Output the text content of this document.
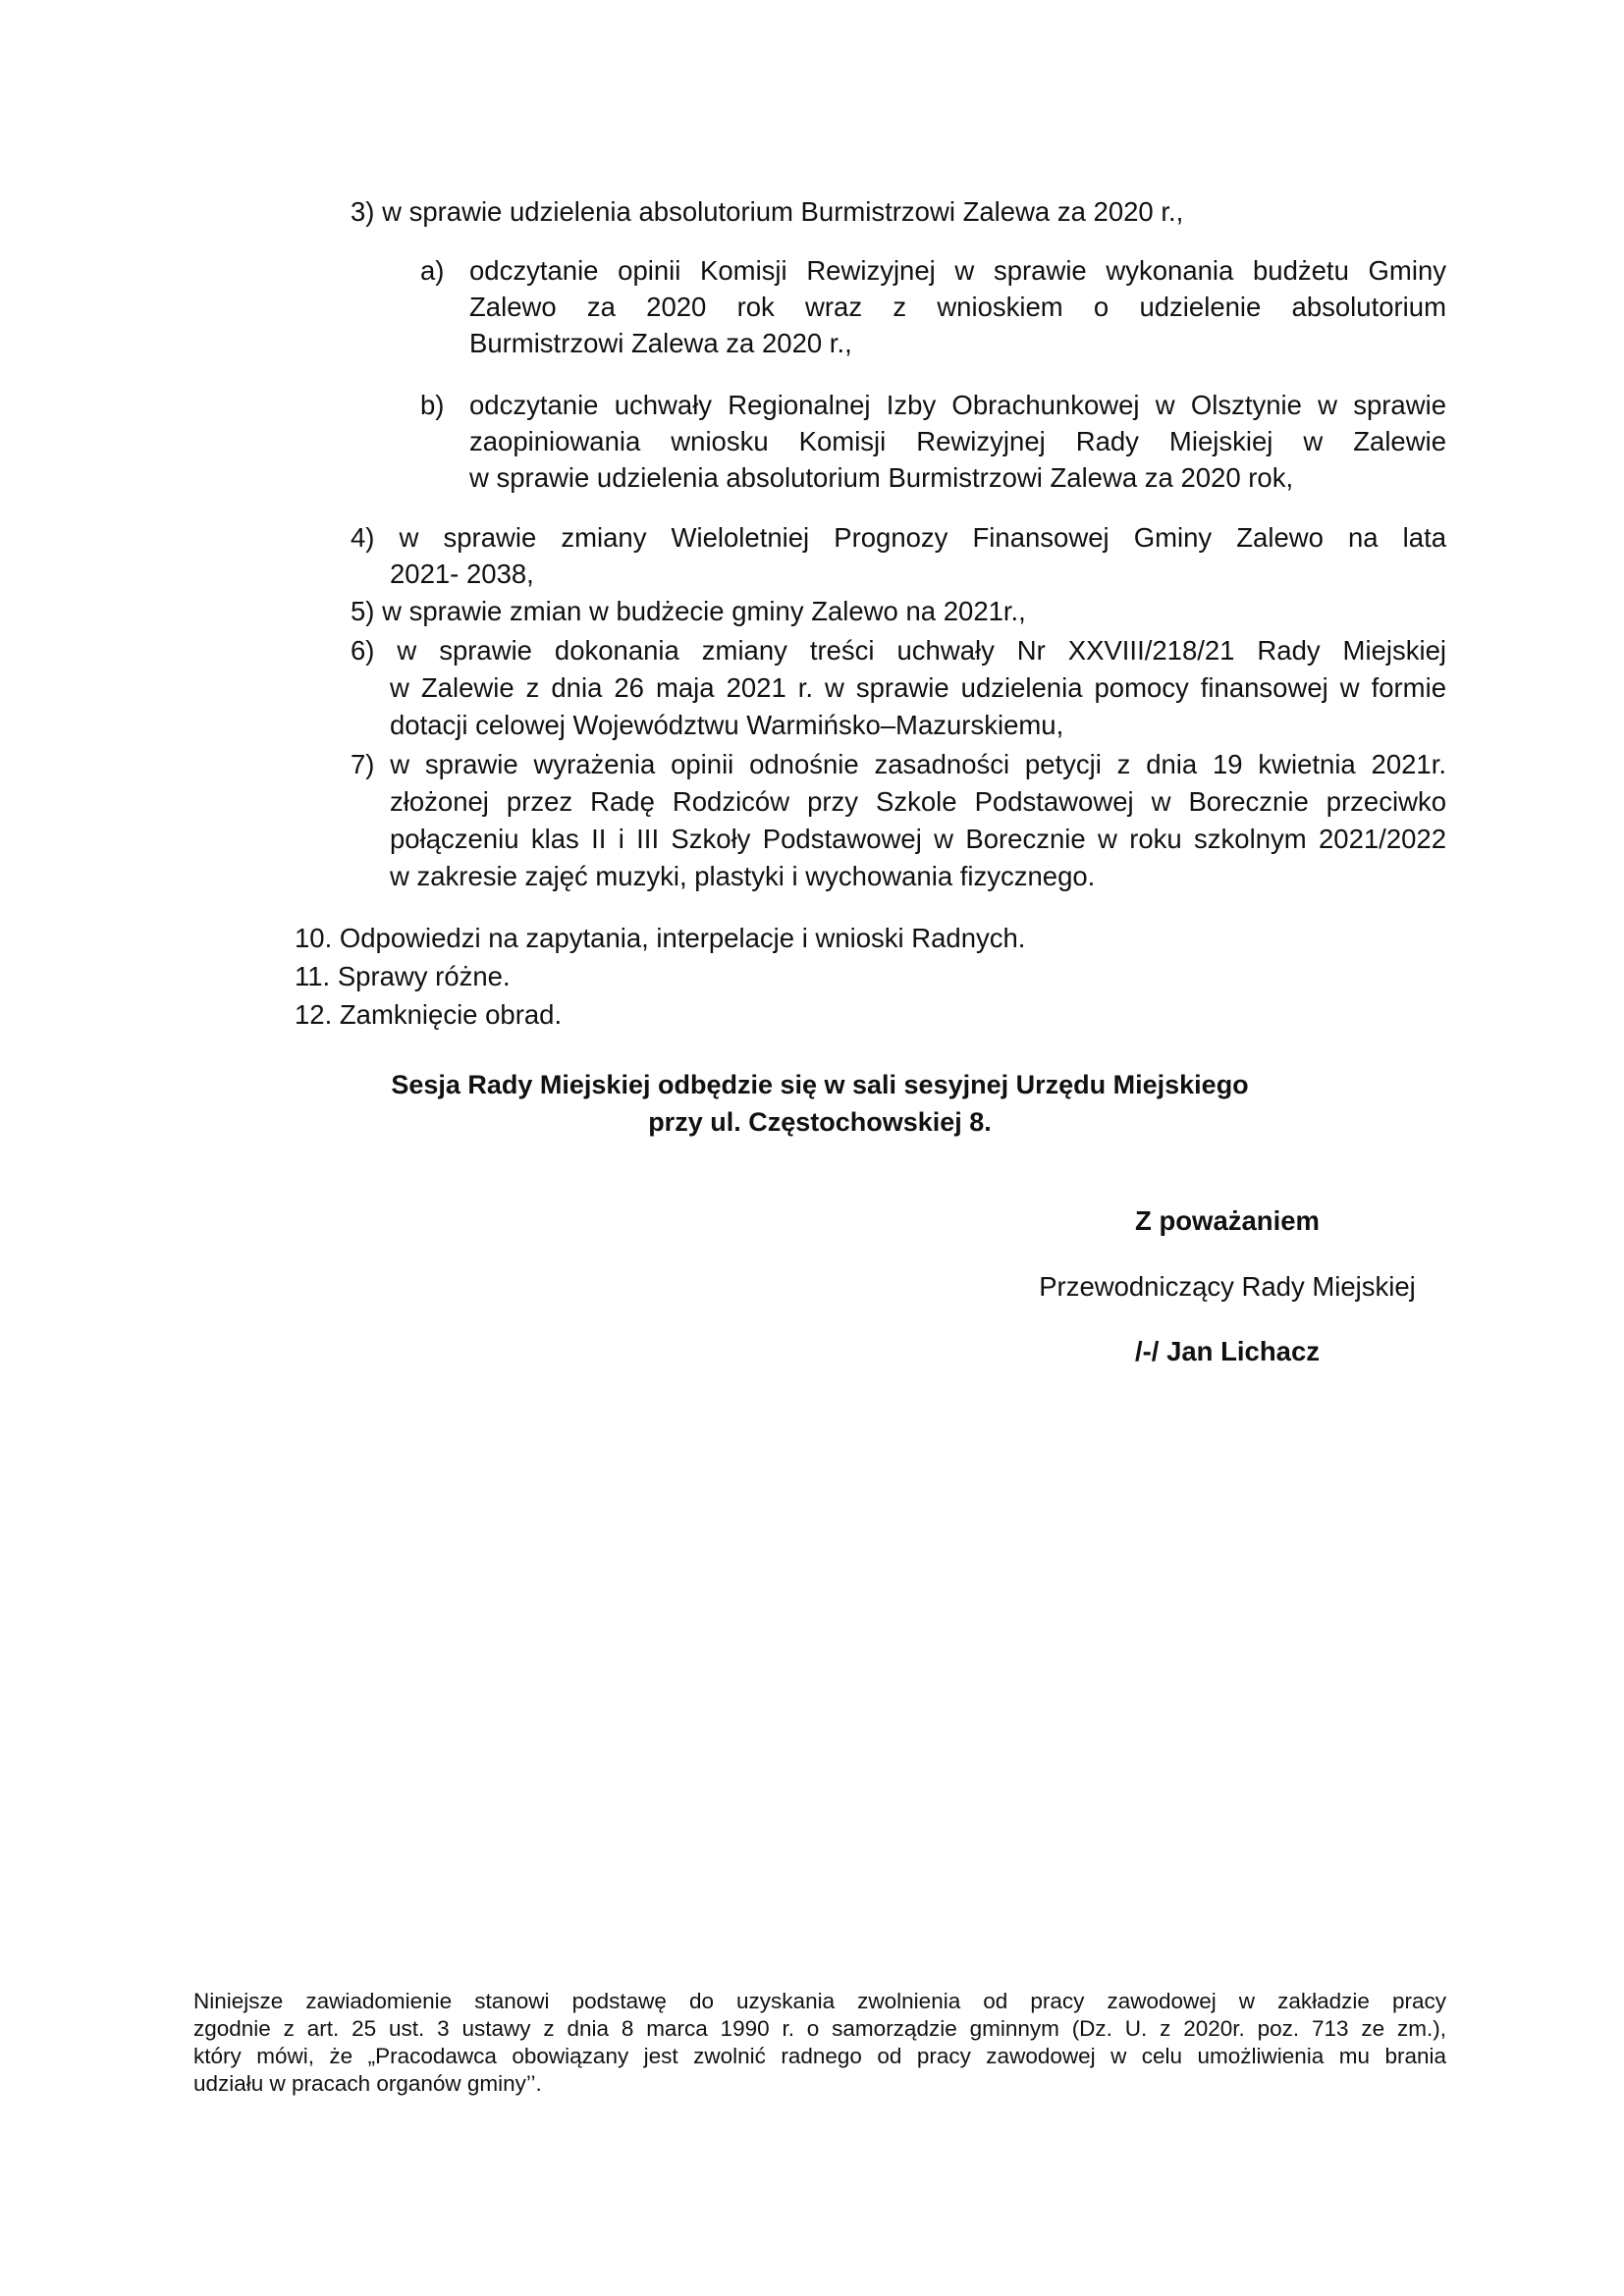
3) w sprawie udzielenia absolutorium Burmistrzowi Zalewa za 2020 r.,
a) odczytanie opinii Komisji Rewizyjnej w sprawie wykonania budżetu Gminy
Zalewo za 2020 rok wraz z wnioskiem o udzielenie absolutorium
Burmistrzowi Zalewa za 2020 r.,
b) odczytanie uchwały Regionalnej Izby Obrachunkowej w Olsztynie w sprawie
zaopiniowania wniosku Komisji Rewizyjnej Rady Miejskiej w Zalewie
w sprawie udzielenia absolutorium Burmistrzowi Zalewa za 2020 rok,
4) w sprawie zmiany Wieloletniej Prognozy Finansowej Gminy Zalewo na lata
2021- 2038,
5) w sprawie zmian w budżecie gminy Zalewo na 2021r.,
6) w sprawie dokonania zmiany treści uchwały Nr XXVIII/218/21 Rady Miejskiej
w Zalewie z dnia 26 maja 2021 r. w sprawie udzielenia pomocy finansowej w formie
dotacji celowej Województwu Warmińsko–Mazurskiemu,
7) w sprawie wyrażenia opinii odnośnie zasadności petycji z dnia 19 kwietnia 2021r.
złożonej przez Radę Rodziców przy Szkole Podstawowej w Borecznie przeciwko
połączeniu klas II i III Szkoły Podstawowej w Borecznie w roku szkolnym 2021/2022
w zakresie zajęć muzyki, plastyki i wychowania fizycznego.
10. Odpowiedzi na zapytania, interpelacje i wnioski Radnych.
11. Sprawy różne.
12. Zamknięcie obrad.
Sesja Rady Miejskiej odbędzie się w sali sesyjnej Urzędu Miejskiego
przy ul. Częstochowskiej 8.
Z poważaniem
Przewodniczący Rady Miejskiej
/-/ Jan Lichacz
Niniejsze zawiadomienie stanowi podstawę do uzyskania zwolnienia od pracy zawodowej w zakładzie pracy
zgodnie z art. 25 ust. 3 ustawy z dnia 8 marca 1990 r. o samorządzie gminnym (Dz. U. z 2020r. poz. 713 ze zm.),
który mówi, że „Pracodawca obowiązany jest zwolnić radnego od pracy zawodowej w celu umożliwienia mu brania
udziału w pracach organów gminy’’.
